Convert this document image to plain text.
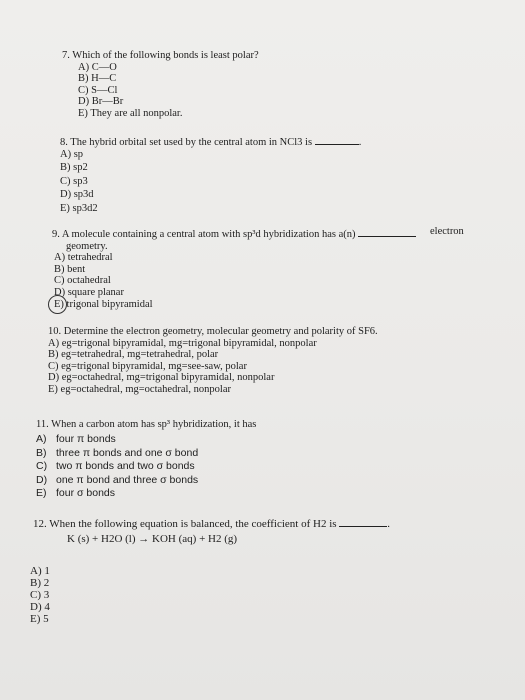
7. Which of the following bonds is least polar?
A) C—O
B) H—C
C) S—Cl
D) Br—Br
E) They are all nonpolar.
8. The hybrid orbital set used by the central atom in NCl3 is	.
A) sp
B) sp2
C) sp3
D) sp3d
E) sp3d2
9. A molecule containing a central atom with sp³d hybridization has a(n)
geometry.
A) tetrahedral
B) bent
C) octahedral
D) square planar
E) trigonal bipyramidal
electron
10. Determine the electron geometry, molecular geometry and polarity of SF6.
A) eg=trigonal bipyramidal, mg=trigonal bipyramidal, nonpolar
B) eg=tetrahedral, mg=tetrahedral, polar
C) eg=trigonal bipyramidal, mg=see-saw, polar
D) eg=octahedral, mg=trigonal bipyramidal, nonpolar
E) eg=octahedral, mg=octahedral, nonpolar
11. When a carbon atom has sp³ hybridization, it has
A) four π bonds
B) three π bonds and one σ bond
C) two π bonds and two σ bonds
D) one π bond and three σ bonds
E) four σ bonds
12. When the following equation is balanced, the coefficient of H2 is	.
K (s) + H2O (l) → KOH (aq) + H2 (g)
A) 1
B) 2
C) 3
D) 4
E) 5
